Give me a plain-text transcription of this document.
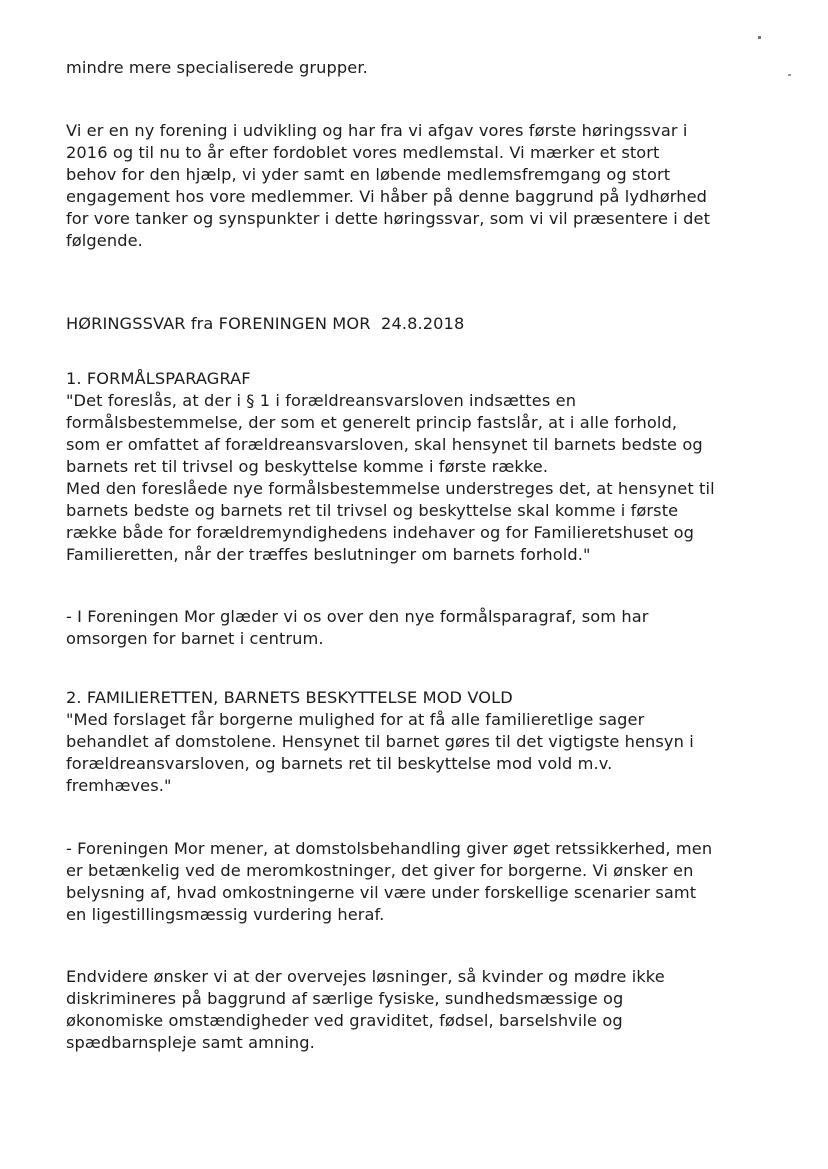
mindre mere specialiserede grupper.
Vi er en ny forening i udvikling og har fra vi afgav vores første høringssvar i
2016 og til nu to år efter fordoblet vores medlemstal. Vi mærker et stort
behov for den hjælp, vi yder samt en løbende medlemsfremgang og stort
engagement hos vore medlemmer. Vi håber på denne baggrund på lydhørhed
for vore tanker og synspunkter i dette høringssvar, som vi vil præsentere i det
følgende.
HØRINGSSVAR fra FORENINGEN MOR  24.8.2018
1. FORMÅLSPARAGRAF
"Det foreslås, at der i § 1 i forældreansvarsloven indsættes en
formålsbestemmelse, der som et generelt princip fastslår, at i alle forhold,
som er omfattet af forældreansvarsloven, skal hensynet til barnets bedste og
barnets ret til trivsel og beskyttelse komme i første række.
Med den foreslåede nye formålsbestemmelse understreges det, at hensynet til
barnets bedste og barnets ret til trivsel og beskyttelse skal komme i første
række både for forældremyndighedens indehaver og for Familieretshuset og
Familieretten, når der træffes beslutninger om barnets forhold."
- I Foreningen Mor glæder vi os over den nye formålsparagraf, som har
omsorgen for barnet i centrum.
2. FAMILIERETTEN, BARNETS BESKYTTELSE MOD VOLD
"Med forslaget får borgerne mulighed for at få alle familieretlige sager
behandlet af domstolene. Hensynet til barnet gøres til det vigtigste hensyn i
forældreansvarsloven, og barnets ret til beskyttelse mod vold m.v.
fremhæves."
- Foreningen Mor mener, at domstolsbehandling giver øget retssikkerhed, men
er betænkelig ved de meromkostninger, det giver for borgerne. Vi ønsker en
belysning af, hvad omkostningerne vil være under forskellige scenarier samt
en ligestillingsmæssig vurdering heraf.
Endvidere ønsker vi at der overvejes løsninger, så kvinder og mødre ikke
diskrimineres på baggrund af særlige fysiske, sundhedsmæssige og
økonomiske omstændigheder ved graviditet, fødsel, barselshvile og
spædbarnspleje samt amning.
